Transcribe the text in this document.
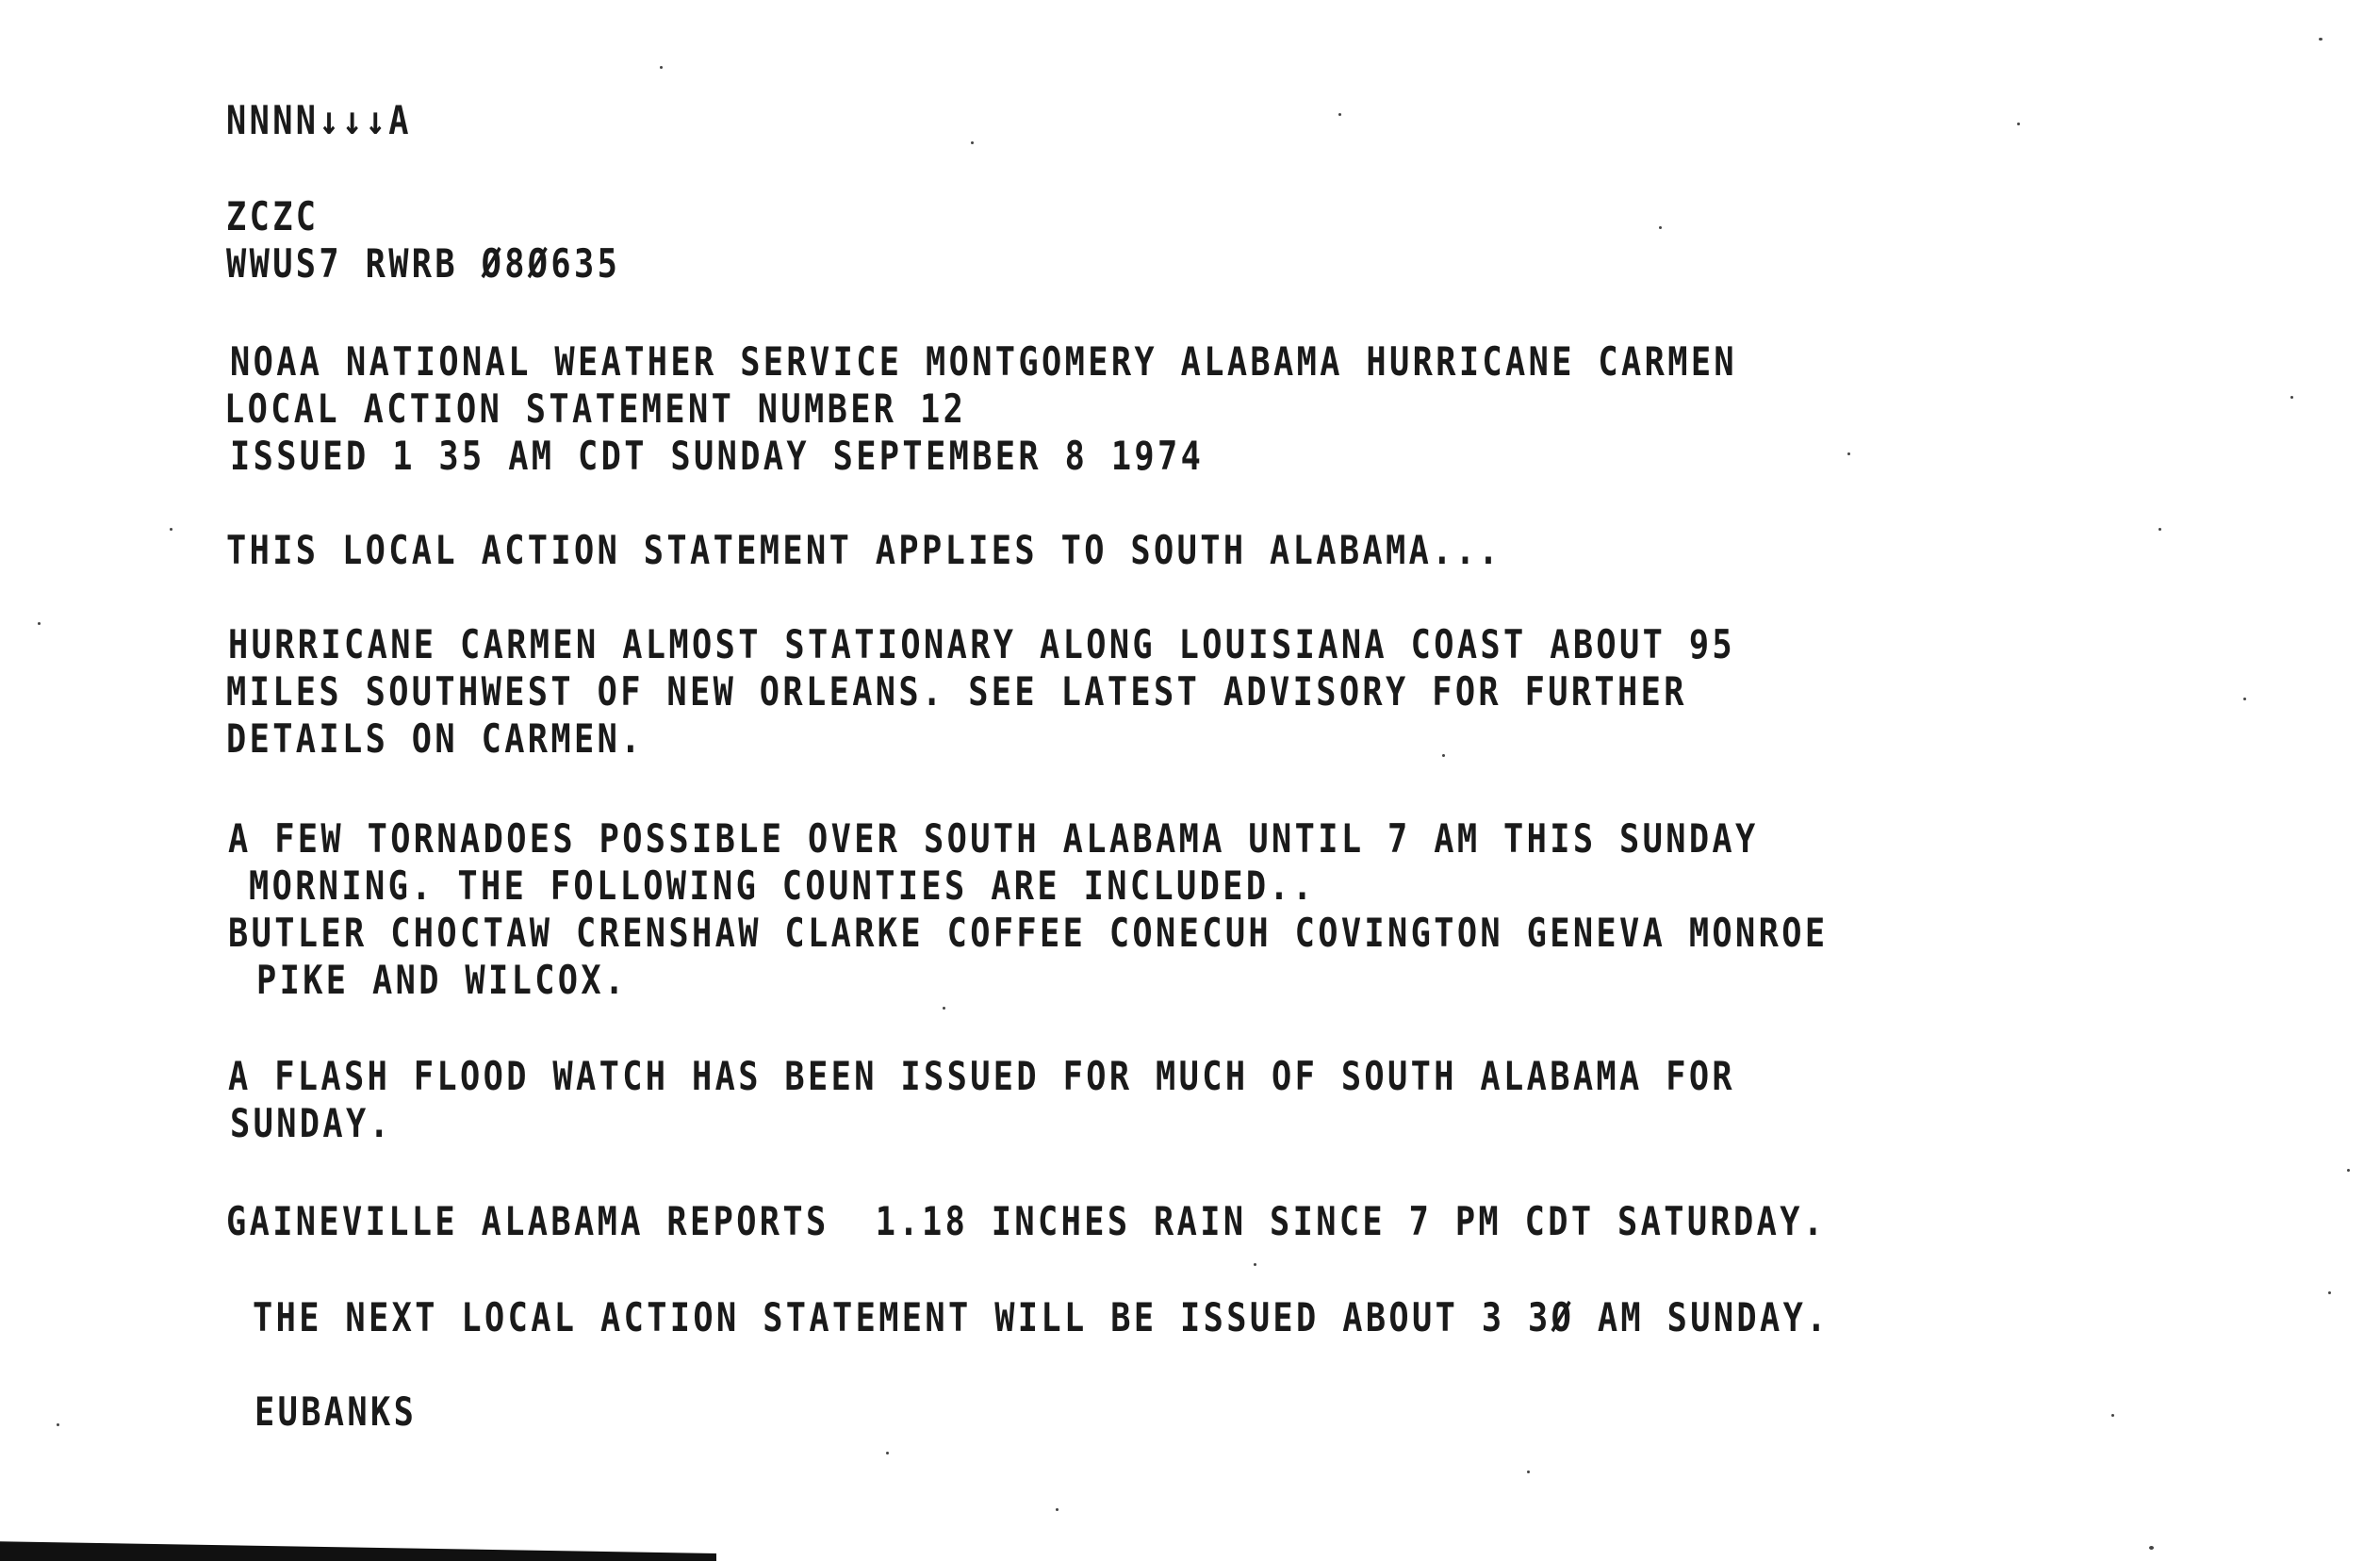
NNNN↓↓↓A
ZCZC
WWUS7 RWRB Ø8Ø635
NOAA NATIONAL WEATHER SERVICE MONTGOMERY ALABAMA HURRICANE CARMEN
LOCAL ACTION STATEMENT NUMBER 12
ISSUED 1 35 AM CDT SUNDAY SEPTEMBER 8 1974
THIS LOCAL ACTION STATEMENT APPLIES TO SOUTH ALABAMA...
HURRICANE CARMEN ALMOST STATIONARY ALONG LOUISIANA COAST ABOUT 95
MILES SOUTHWEST OF NEW ORLEANS. SEE LATEST ADVISORY FOR FURTHER
DETAILS ON CARMEN.
A FEW TORNADOES POSSIBLE OVER SOUTH ALABAMA UNTIL 7 AM THIS SUNDAY
MORNING. THE FOLLOWING COUNTIES ARE INCLUDED..
BUTLER CHOCTAW CRENSHAW CLARKE COFFEE CONECUH COVINGTON GENEVA MONROE
PIKE AND WILCOX.
A FLASH FLOOD WATCH HAS BEEN ISSUED FOR MUCH OF SOUTH ALABAMA FOR
SUNDAY.
GAINEVILLE ALABAMA REPORTS  1.18 INCHES RAIN SINCE 7 PM CDT SATURDAY.
THE NEXT LOCAL ACTION STATEMENT WILL BE ISSUED ABOUT 3 3Ø AM SUNDAY.
EUBANKS
